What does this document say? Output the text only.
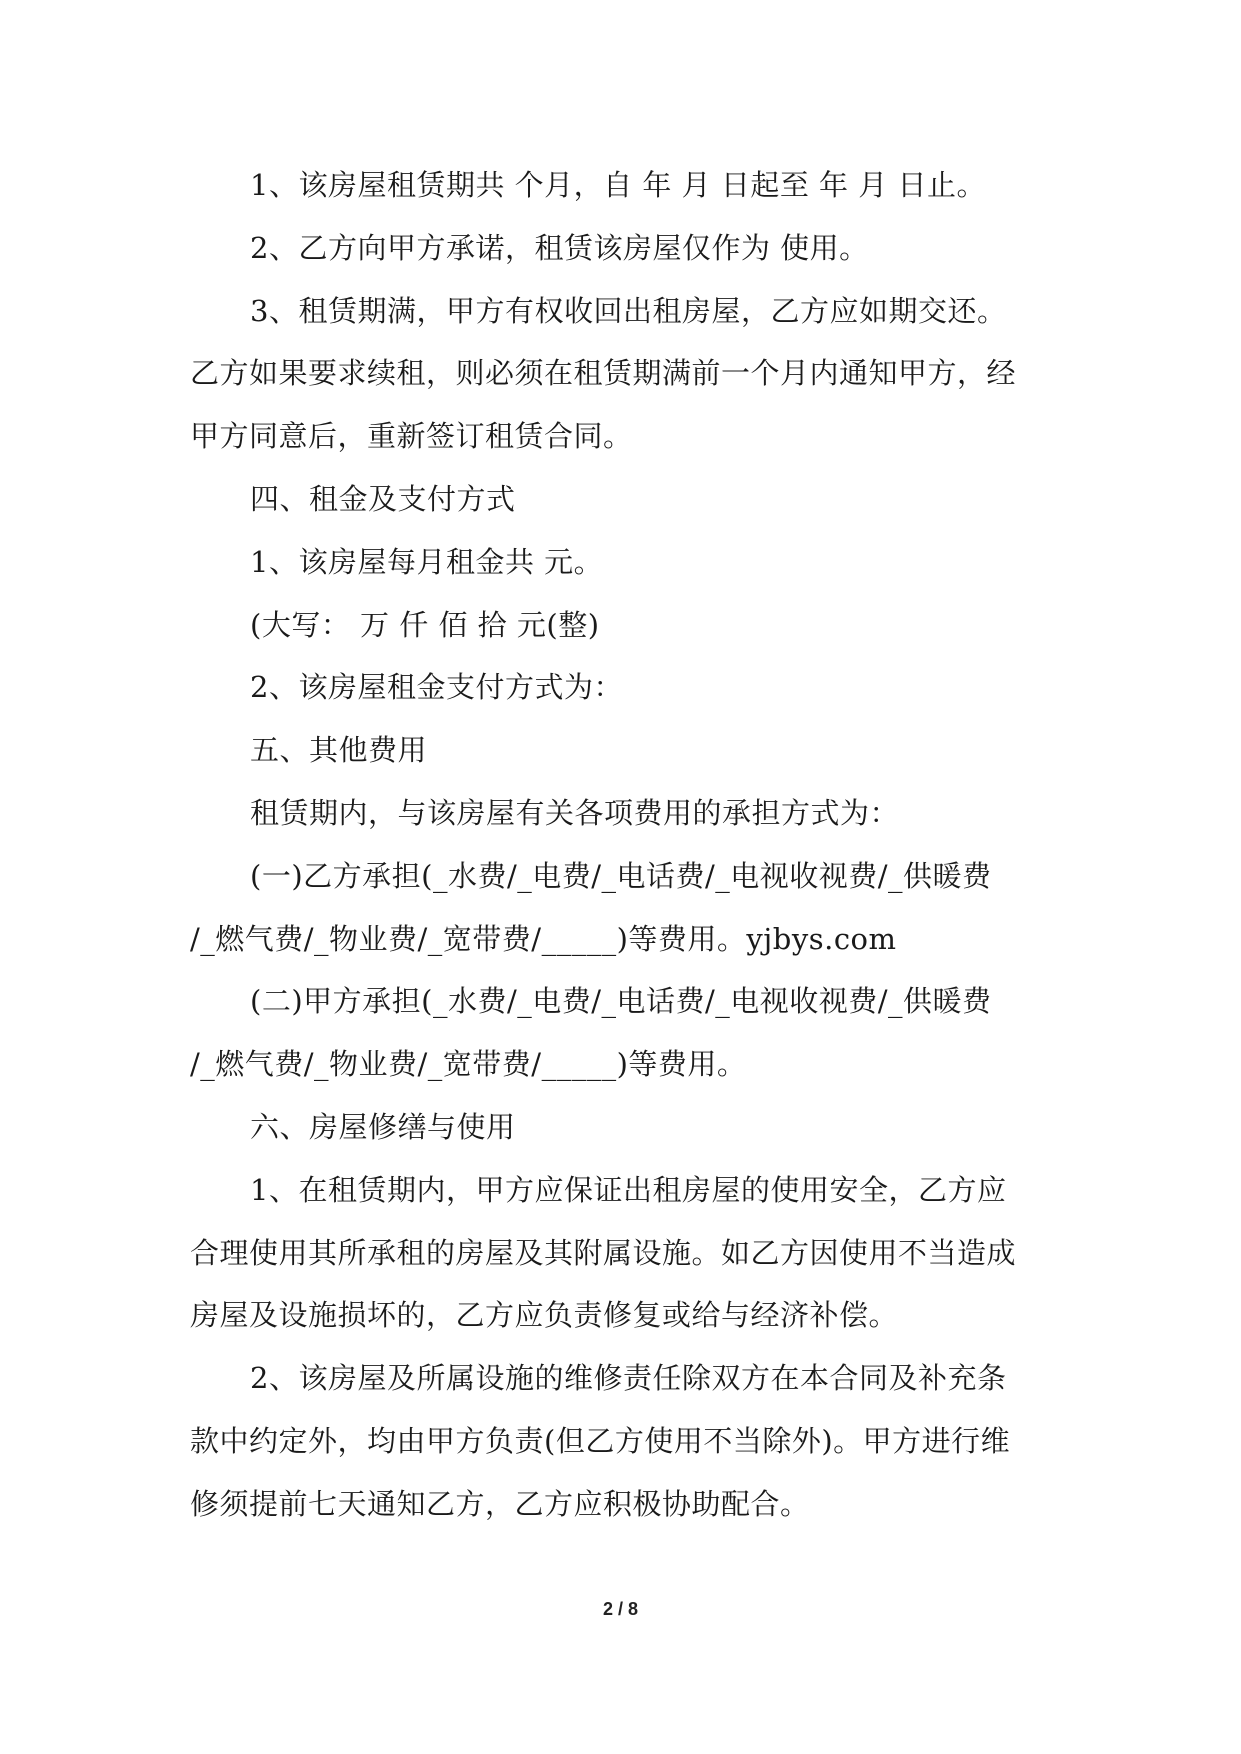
1、该房屋租赁期共 个月，自 年 月 日起至 年 月 日止。

2、乙方向甲方承诺，租赁该房屋仅作为 使用。

3、租赁期满，甲方有权收回出租房屋，乙方应如期交还。

乙方如果要求续租，则必须在租赁期满前一个月内通知甲方，经

甲方同意后，重新签订租赁合同。

四、租金及支付方式

1、该房屋每月租金共 元。

(大写： 万 仟 佰 拾 元(整)

2、该房屋租金支付方式为：

五、其他费用

租赁期内，与该房屋有关各项费用的承担方式为：

(一)乙方承担(_水费/_电费/_电话费/_电视收视费/_供暖费

/_燃气费/_物业费/_宽带费/_____)等费用。yjbys.com

(二)甲方承担(_水费/_电费/_电话费/_电视收视费/_供暖费

/_燃气费/_物业费/_宽带费/_____)等费用。

六、房屋修缮与使用

1、在租赁期内，甲方应保证出租房屋的使用安全，乙方应

合理使用其所承租的房屋及其附属设施。如乙方因使用不当造成

房屋及设施损坏的，乙方应负责修复或给与经济补偿。

2、该房屋及所属设施的维修责任除双方在本合同及补充条

款中约定外，均由甲方负责(但乙方使用不当除外)。甲方进行维

修须提前七天通知乙方，乙方应积极协助配合。

2 / 8
